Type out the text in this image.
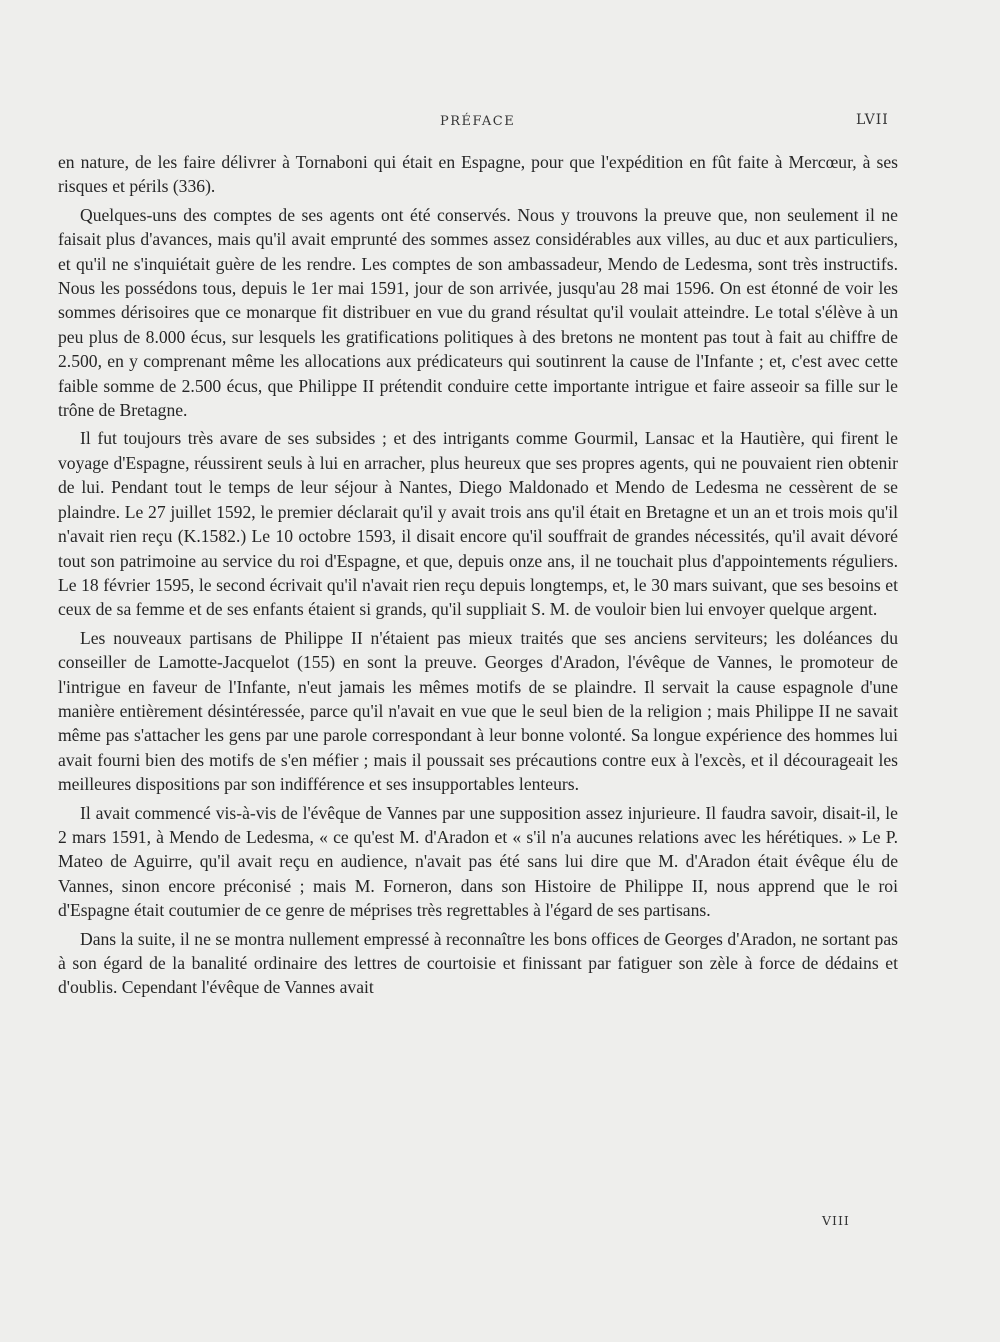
PRÉFACE	LVII

en nature, de les faire délivrer à Tornaboni qui était en Espagne, pour que l'expédition en fût faite à Mercœur, à ses risques et périls (336).

Quelques-uns des comptes de ses agents ont été conservés. Nous y trouvons la preuve que, non seulement il ne faisait plus d'avances, mais qu'il avait emprunté des sommes assez considérables aux villes, au duc et aux particuliers, et qu'il ne s'inquiétait guère de les rendre. Les comptes de son ambassadeur, Mendo de Ledesma, sont très instructifs. Nous les possédons tous, depuis le 1er mai 1591, jour de son arrivée, jusqu'au 28 mai 1596. On est étonné de voir les sommes dérisoires que ce monarque fit distribuer en vue du grand résultat qu'il voulait atteindre. Le total s'élève à un peu plus de 8.000 écus, sur lesquels les gratifications politiques à des bretons ne montent pas tout à fait au chiffre de 2.500, en y comprenant même les allocations aux prédicateurs qui soutinrent la cause de l'Infante ; et, c'est avec cette faible somme de 2.500 écus, que Philippe II prétendit conduire cette importante intrigue et faire asseoir sa fille sur le trône de Bretagne.

Il fut toujours très avare de ses subsides ; et des intrigants comme Gourmil, Lansac et la Hautière, qui firent le voyage d'Espagne, réussirent seuls à lui en arracher, plus heureux que ses propres agents, qui ne pouvaient rien obtenir de lui. Pendant tout le temps de leur séjour à Nantes, Diego Maldonado et Mendo de Ledesma ne cessèrent de se plaindre. Le 27 juillet 1592, le premier déclarait qu'il y avait trois ans qu'il était en Bretagne et un an et trois mois qu'il n'avait rien reçu (K.1582.) Le 10 octobre 1593, il disait encore qu'il souffrait de grandes nécessités, qu'il avait dévoré tout son patrimoine au service du roi d'Espagne, et que, depuis onze ans, il ne touchait plus d'appointements réguliers. Le 18 février 1595, le second écrivait qu'il n'avait rien reçu depuis longtemps, et, le 30 mars suivant, que ses besoins et ceux de sa femme et de ses enfants étaient si grands, qu'il suppliait S. M. de vouloir bien lui envoyer quelque argent.

Les nouveaux partisans de Philippe II n'étaient pas mieux traités que ses anciens serviteurs; les doléances du conseiller de Lamotte-Jacquelot (155) en sont la preuve. Georges d'Aradon, l'évêque de Vannes, le promoteur de l'intrigue en faveur de l'Infante, n'eut jamais les mêmes motifs de se plaindre. Il servait la cause espagnole d'une manière entièrement désintéressée, parce qu'il n'avait en vue que le seul bien de la religion ; mais Philippe II ne savait même pas s'attacher les gens par une parole correspondant à leur bonne volonté. Sa longue expérience des hommes lui avait fourni bien des motifs de s'en méfier ; mais il poussait ses précautions contre eux à l'excès, et il décourageait les meilleures dispositions par son indifférence et ses insupportables lenteurs.

Il avait commencé vis-à-vis de l'évêque de Vannes par une supposition assez injurieure. Il faudra savoir, disait-il, le 2 mars 1591, à Mendo de Ledesma, « ce qu'est M. d'Aradon et « s'il n'a aucunes relations avec les hérétiques. » Le P. Mateo de Aguirre, qu'il avait reçu en audience, n'avait pas été sans lui dire que M. d'Aradon était évêque élu de Vannes, sinon encore préconisé ; mais M. Forneron, dans son Histoire de Philippe II, nous apprend que le roi d'Espagne était coutumier de ce genre de méprises très regrettables à l'égard de ses partisans.

Dans la suite, il ne se montra nullement empressé à reconnaître les bons offices de Georges d'Aradon, ne sortant pas à son égard de la banalité ordinaire des lettres de courtoisie et finissant par fatiguer son zèle à force de dédains et d'oublis. Cependant l'évêque de Vannes avait

VIII
